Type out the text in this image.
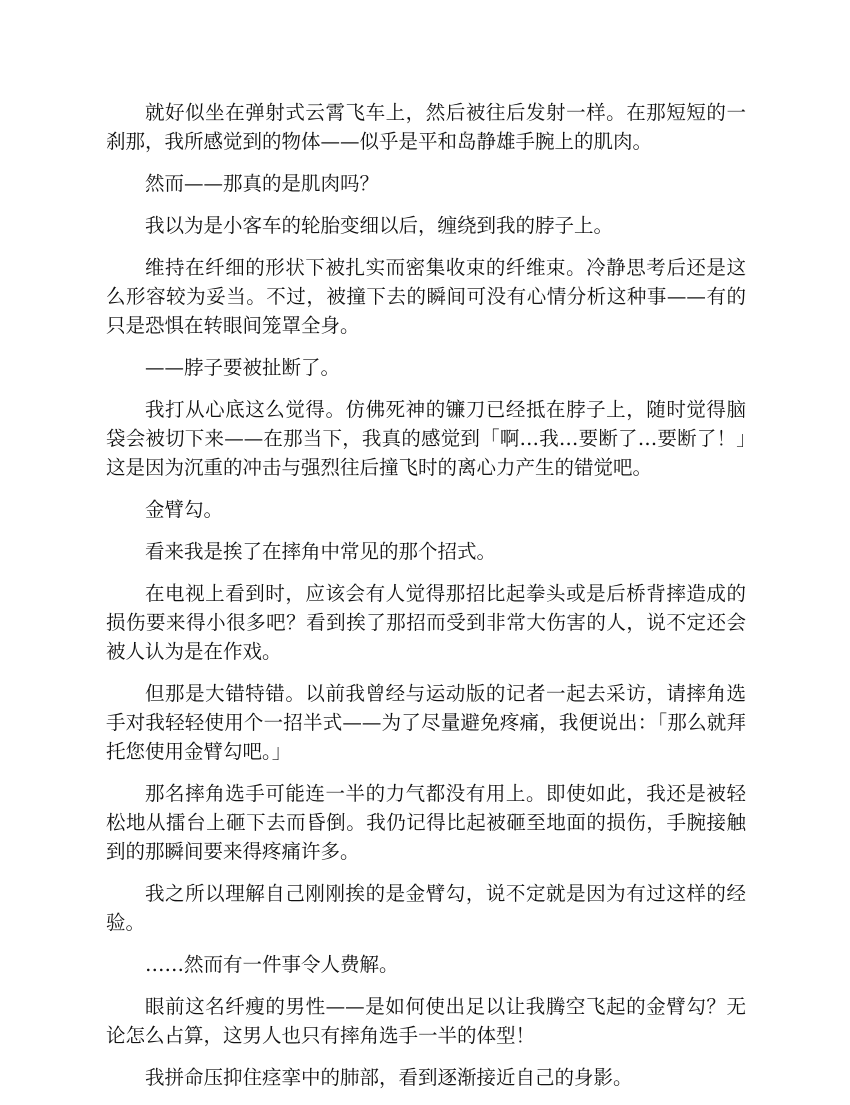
就好似坐在弹射式云霄飞车上，然后被往后发射一样。在那短短的一刹那，我所感觉到的物体——似乎是平和岛静雄手腕上的肌肉。

然而——那真的是肌肉吗？

我以为是小客车的轮胎变细以后，缠绕到我的脖子上。

维持在纤细的形状下被扎实而密集收束的纤维束。冷静思考后还是这么形容较为妥当。不过，被撞下去的瞬间可没有心情分析这种事——有的只是恐惧在转眼间笼罩全身。

——脖子要被扯断了。

我打从心底这么觉得。仿佛死神的镰刀已经抵在脖子上，随时觉得脑袋会被切下来——在那当下，我真的感觉到「啊…我…要断了…要断了！」这是因为沉重的冲击与强烈往后撞飞时的离心力产生的错觉吧。

金臂勾。

看来我是挨了在摔角中常见的那个招式。

在电视上看到时，应该会有人觉得那招比起拳头或是后桥背摔造成的损伤要来得小很多吧？看到挨了那招而受到非常大伤害的人，说不定还会被人认为是在作戏。

但那是大错特错。以前我曾经与运动版的记者一起去采访，请摔角选手对我轻轻使用个一招半式——为了尽量避免疼痛，我便说出：「那么就拜托您使用金臂勾吧。」

那名摔角选手可能连一半的力气都没有用上。即使如此，我还是被轻松地从擂台上砸下去而昏倒。我仍记得比起被砸至地面的损伤，手腕接触到的那瞬间要来得疼痛许多。

我之所以理解自己刚刚挨的是金臂勾，说不定就是因为有过这样的经验。

……然而有一件事令人费解。

眼前这名纤瘦的男性——是如何使出足以让我腾空飞起的金臂勾？无论怎么占算，这男人也只有摔角选手一半的体型！

我拼命压抑住痉挛中的肺部，看到逐渐接近自己的身影。
